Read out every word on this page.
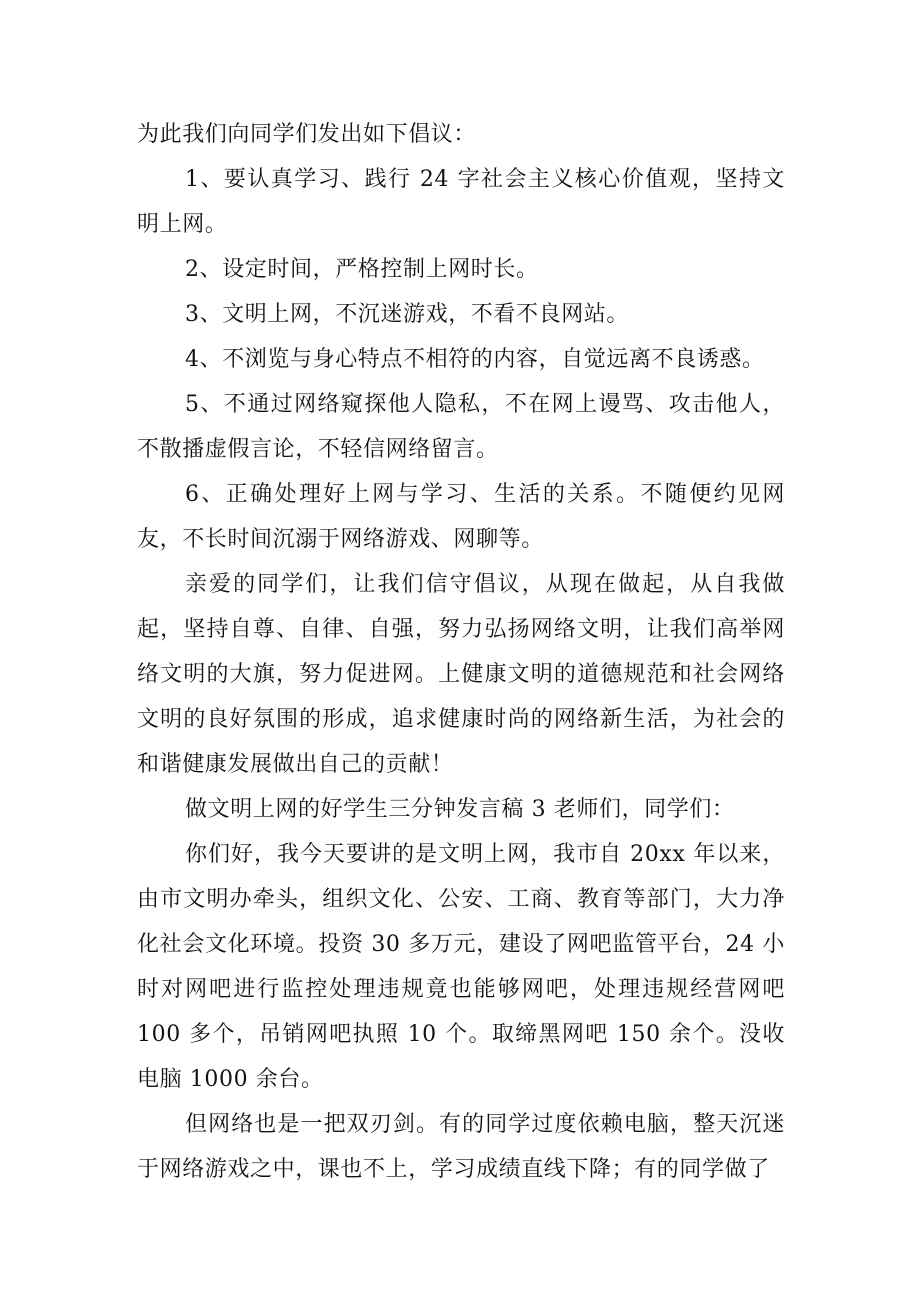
为此我们向同学们发出如下倡议：

1、要认真学习、践行 24 字社会主义核心价值观，坚持文明上网。

2、设定时间，严格控制上网时长。

3、文明上网，不沉迷游戏，不看不良网站。

4、不浏览与身心特点不相符的内容，自觉远离不良诱惑。

5、不通过网络窥探他人隐私，不在网上谩骂、攻击他人，不散播虚假言论，不轻信网络留言。

6、正确处理好上网与学习、生活的关系。不随便约见网友，不长时间沉溺于网络游戏、网聊等。

亲爱的同学们，让我们信守倡议，从现在做起，从自我做起，坚持自尊、自律、自强，努力弘扬网络文明，让我们高举网络文明的大旗，努力促进网。上健康文明的道德规范和社会网络文明的良好氛围的形成，追求健康时尚的网络新生活，为社会的和谐健康发展做出自己的贡献！

做文明上网的好学生三分钟发言稿 3 老师们，同学们：

你们好，我今天要讲的是文明上网，我市自 20xx 年以来，由市文明办牵头，组织文化、公安、工商、教育等部门，大力净化社会文化环境。投资 30 多万元，建设了网吧监管平台，24 小时对网吧进行监控处理违规竟也能够网吧，处理违规经营网吧 100 多个，吊销网吧执照 10 个。取缔黑网吧 150 余个。没收电脑 1000 余台。

但网络也是一把双刃剑。有的同学过度依赖电脑，整天沉迷于网络游戏之中，课也不上，学习成绩直线下降；有的同学做了
